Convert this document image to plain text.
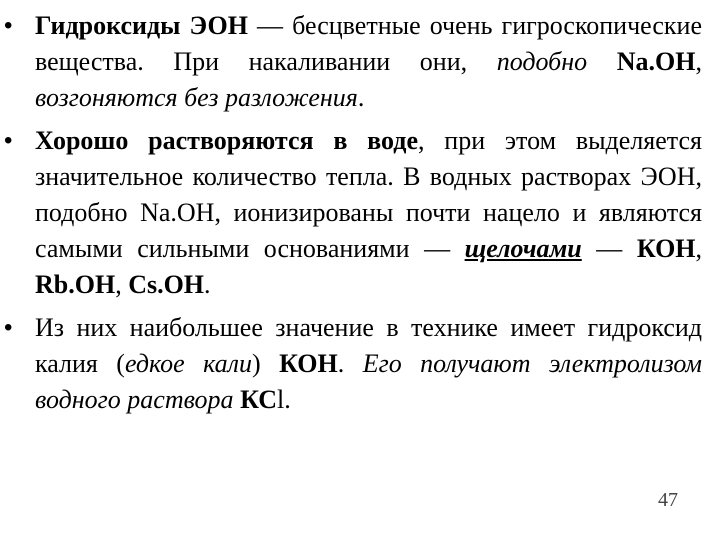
• Гидроксиды ЭОН — бесцветные очень гигроскопические вещества. При накаливании они, подобно Na.OH, возгоняются без разложения.
• Хорошо растворяются в воде, при этом выделяется значительное количество тепла. В водных растворах ЭОН, подобно Na.OH, ионизированы почти нацело и являются самыми сильными основаниями — щелочами — КОН, Rb.OH, Cs.OH.
• Из них наибольшее значение в технике имеет гидроксид калия (едкое кали) КОН. Его получают электролизом водного раствора КСl.
47
